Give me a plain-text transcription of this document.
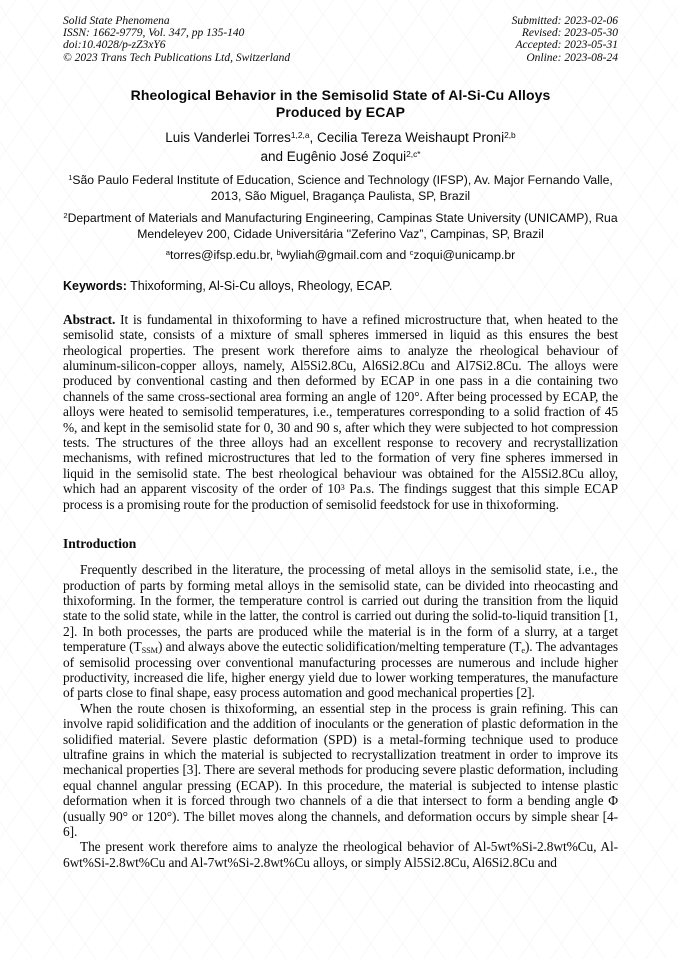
Solid State Phenomena
ISSN: 1662-9779, Vol. 347, pp 135-140
doi:10.4028/p-zZ3xY6
© 2023 Trans Tech Publications Ltd, Switzerland
Submitted: 2023-02-06
Revised: 2023-05-30
Accepted: 2023-05-31
Online: 2023-08-24
Rheological Behavior in the Semisolid State of Al-Si-Cu Alloys
Produced by ECAP
Luis Vanderlei Torres$^{1,2,a}$, Cecilia Tereza Weishaupt Proni$^{2,b}$
and Eugênio José Zoqui$^{2,c*}$
$^1$São Paulo Federal Institute of Education, Science and Technology (IFSP), Av. Major Fernando Valle, 2013, São Miguel, Bragança Paulista, SP, Brazil
$^2$Department of Materials and Manufacturing Engineering, Campinas State University (UNICAMP), Rua Mendeleyev 200, Cidade Universitária ''Zeferino Vaz”, Campinas, SP, Brazil
$^a$torres@ifsp.edu.br, $^b$wyliah@gmail.com and $^c$zoqui@unicamp.br

Keywords: Thixoforming, Al-Si-Cu alloys, Rheology, ECAP.

Abstract. It is fundamental in thixoforming to have a refined microstructure that, when heated to the semisolid state, consists of a mixture of small spheres immersed in liquid as this ensures the best rheological properties. The present work therefore aims to analyze the rheological behaviour of aluminum-silicon-copper alloys, namely, Al5Si2.8Cu, Al6Si2.8Cu and Al7Si2.8Cu. The alloys were produced by conventional casting and then deformed by ECAP in one pass in a die containing two channels of the same cross-sectional area forming an angle of 120°. After being processed by ECAP, the alloys were heated to semisolid temperatures, i.e., temperatures corresponding to a solid fraction of 45 %, and kept in the semisolid state for 0, 30 and 90 s, after which they were subjected to hot compression tests. The structures of the three alloys had an excellent response to recovery and recrystallization mechanisms, with refined microstructures that led to the formation of very fine spheres immersed in liquid in the semisolid state. The best rheological behaviour was obtained for the Al5Si2.8Cu alloy, which had an apparent viscosity of the order of $10^3$ Pa.s. The findings suggest that this simple ECAP process is a promising route for the production of semisolid feedstock for use in thixoforming.

Introduction

Frequently described in the literature, the processing of metal alloys in the semisolid state, i.e., the production of parts by forming metal alloys in the semisolid state, can be divided into rheocasting and thixoforming. In the former, the temperature control is carried out during the transition from the liquid state to the solid state, while in the latter, the control is carried out during the solid-to-liquid transition [1, 2]. In both processes, the parts are produced while the material is in the form of a slurry, at a target temperature $(T_{SSM})$ and always above the eutectic solidification/melting temperature $(T_e)$. The advantages of semisolid processing over conventional manufacturing processes are numerous and include higher productivity, increased die life, higher energy yield due to lower working temperatures, the manufacture of parts close to final shape, easy process automation and good mechanical properties [2].

When the route chosen is thixoforming, an essential step in the process is grain refining. This can involve rapid solidification and the addition of inoculants or the generation of plastic deformation in the solidified material. Severe plastic deformation (SPD) is a metal-forming technique used to produce ultrafine grains in which the material is subjected to recrystallization treatment in order to improve its mechanical properties [3]. There are several methods for producing severe plastic deformation, including equal channel angular pressing (ECAP). In this procedure, the material is subjected to intense plastic deformation when it is forced through two channels of a die that intersect to form a bending angle Φ (usually 90° or 120°). The billet moves along the channels, and deformation occurs by simple shear [4-6].

The present work therefore aims to analyze the rheological behavior of Al-5wt%Si-2.8wt%Cu, Al-6wt%Si-2.8wt%Cu and Al-7wt%Si-2.8wt%Cu alloys, or simply Al5Si2.8Cu, Al6Si2.8Cu and
